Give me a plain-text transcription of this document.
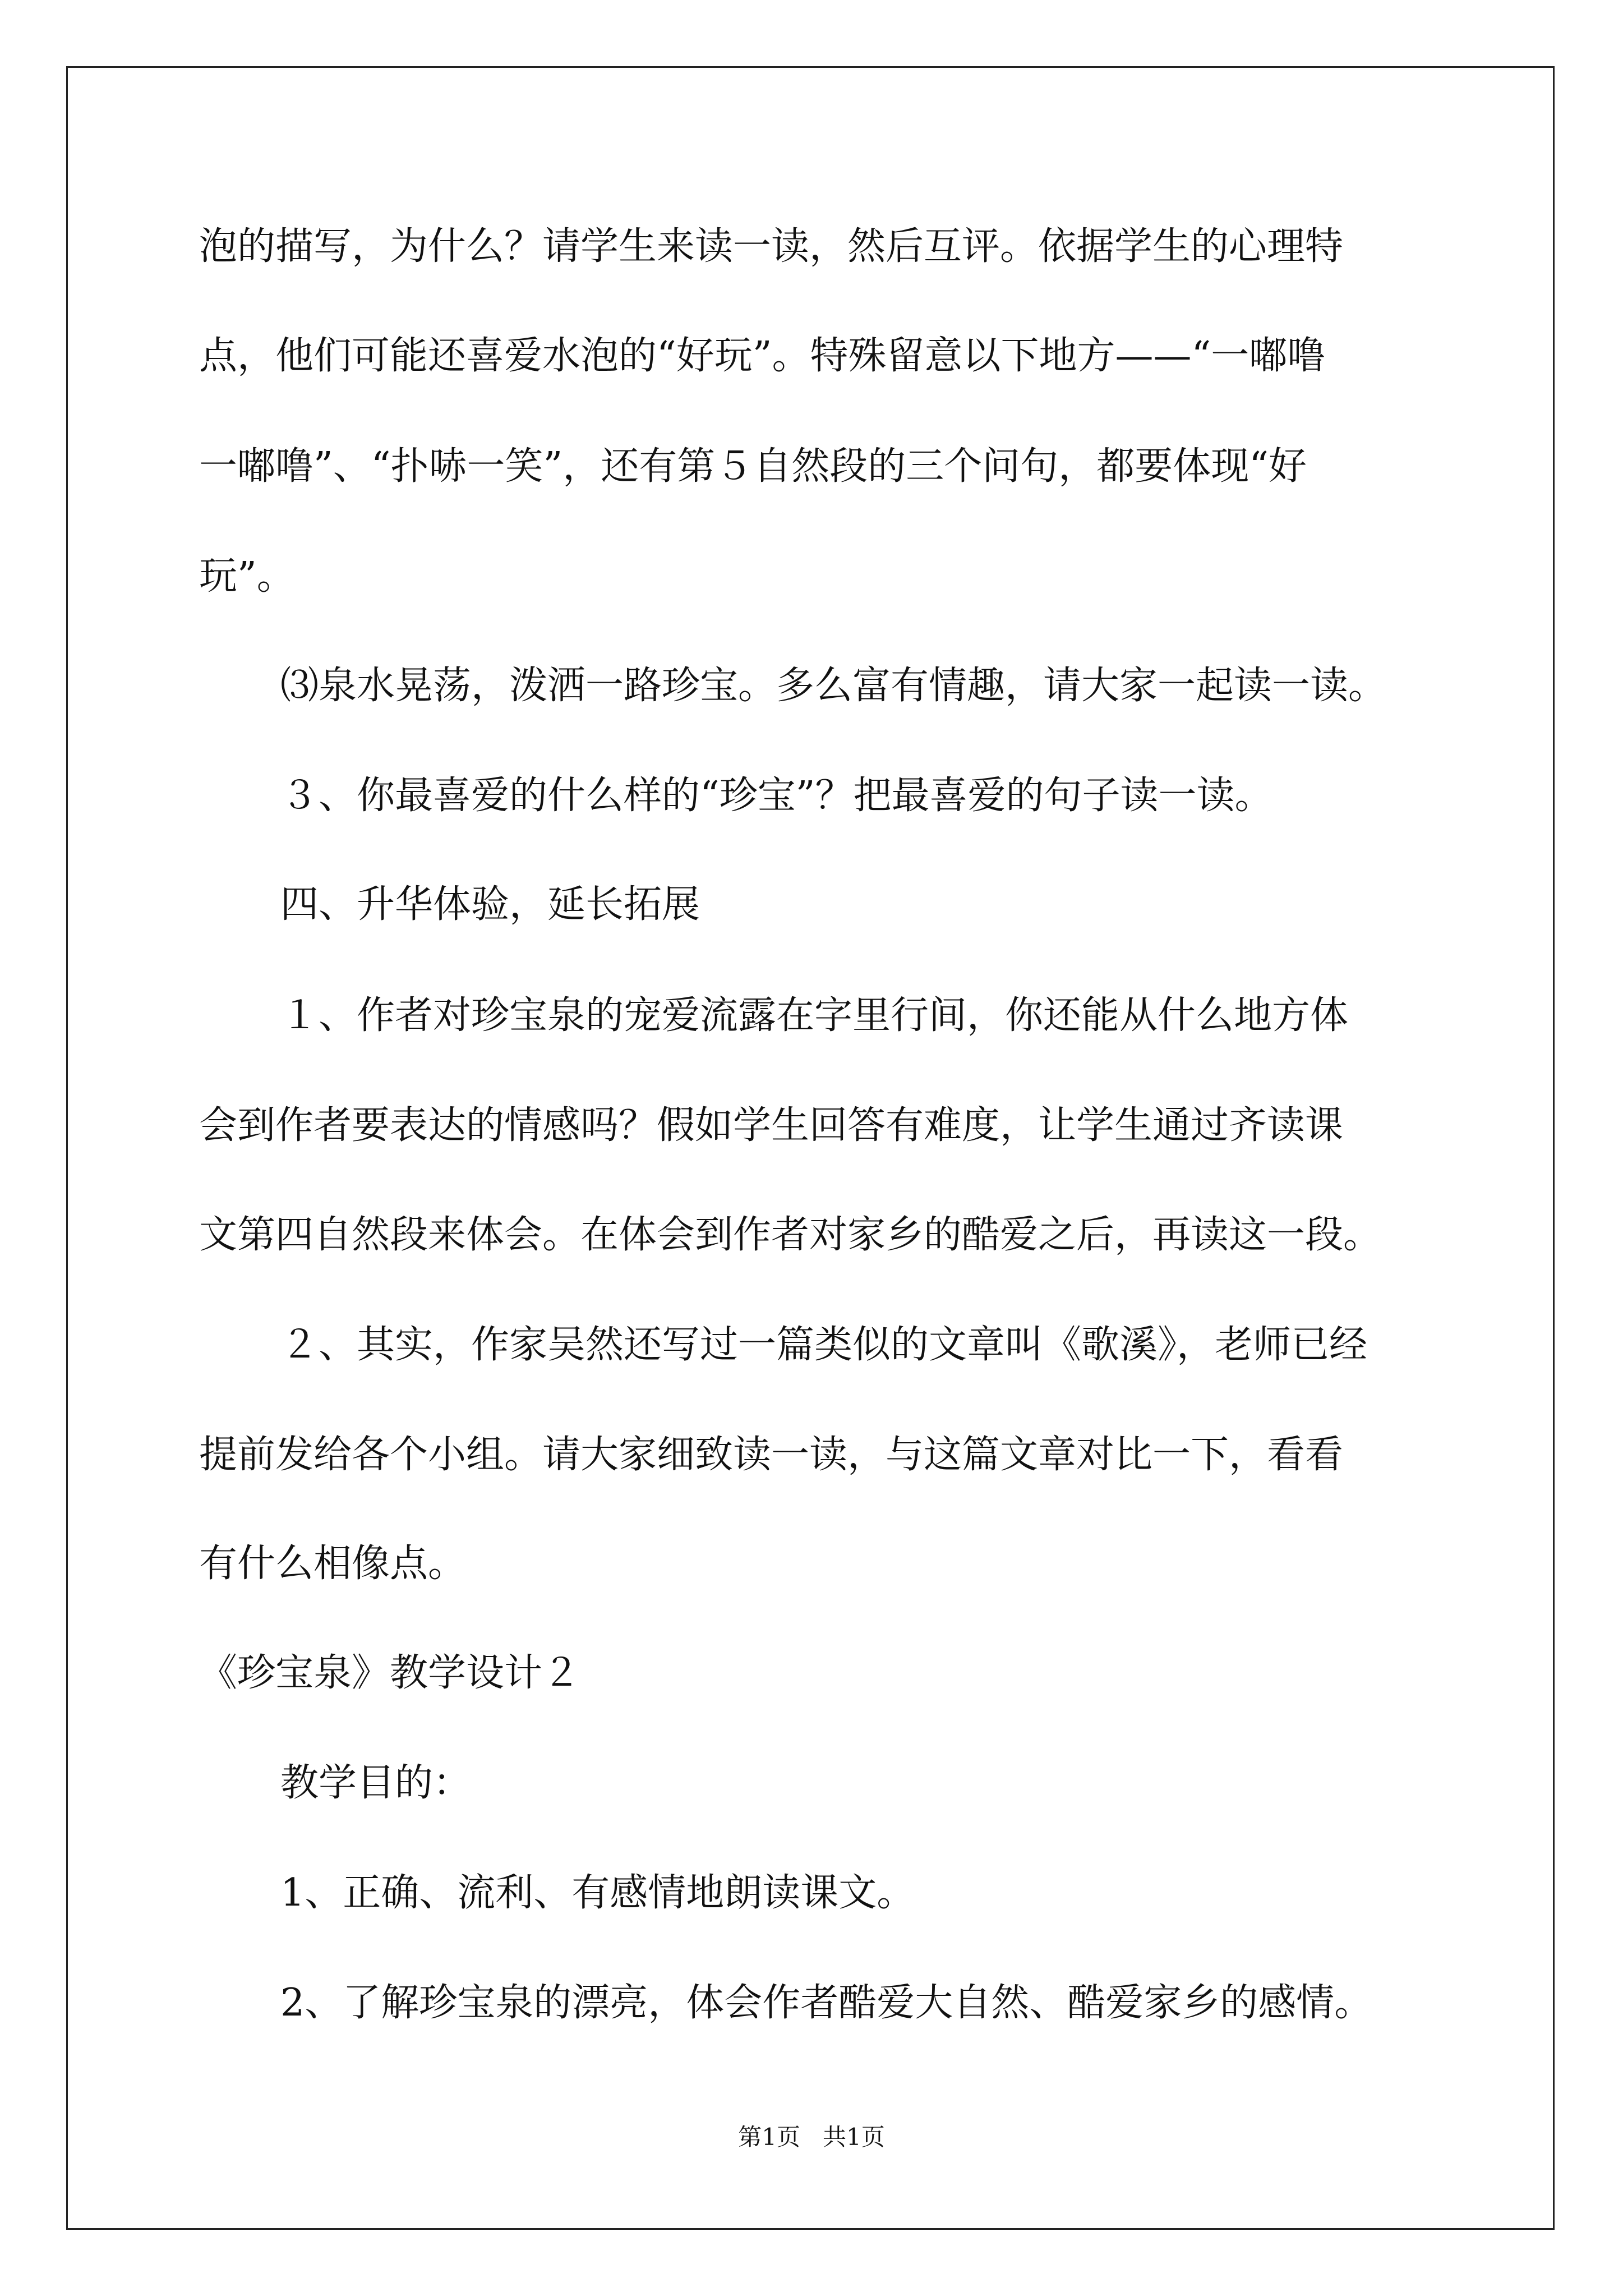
泡的描写，为什么？请学生来读一读，然后互评。依据学生的心理特
点，他们可能还喜爱水泡的“好玩”。特殊留意以下地方——“一嘟噜
一嘟噜”、“扑哧一笑”，还有第５自然段的三个问句，都要体现“好
玩”。
⑶泉水晃荡，泼洒一路珍宝。多么富有情趣，请大家一起读一读。
３、你最喜爱的什么样的“珍宝”？把最喜爱的句子读一读。
四、升华体验，延长拓展
１、作者对珍宝泉的宠爱流露在字里行间，你还能从什么地方体
会到作者要表达的情感吗？假如学生回答有难度，让学生通过齐读课
文第四自然段来体会。在体会到作者对家乡的酷爱之后，再读这一段。
２、其实，作家吴然还写过一篇类似的文章叫《歌溪》，老师已经
提前发给各个小组。请大家细致读一读，与这篇文章对比一下，看看
有什么相像点。
《珍宝泉》教学设计２
教学目的：
1、正确、流利、有感情地朗读课文。
2、了解珍宝泉的漂亮，体会作者酷爱大自然、酷爱家乡的感情。
第1页   共1页
